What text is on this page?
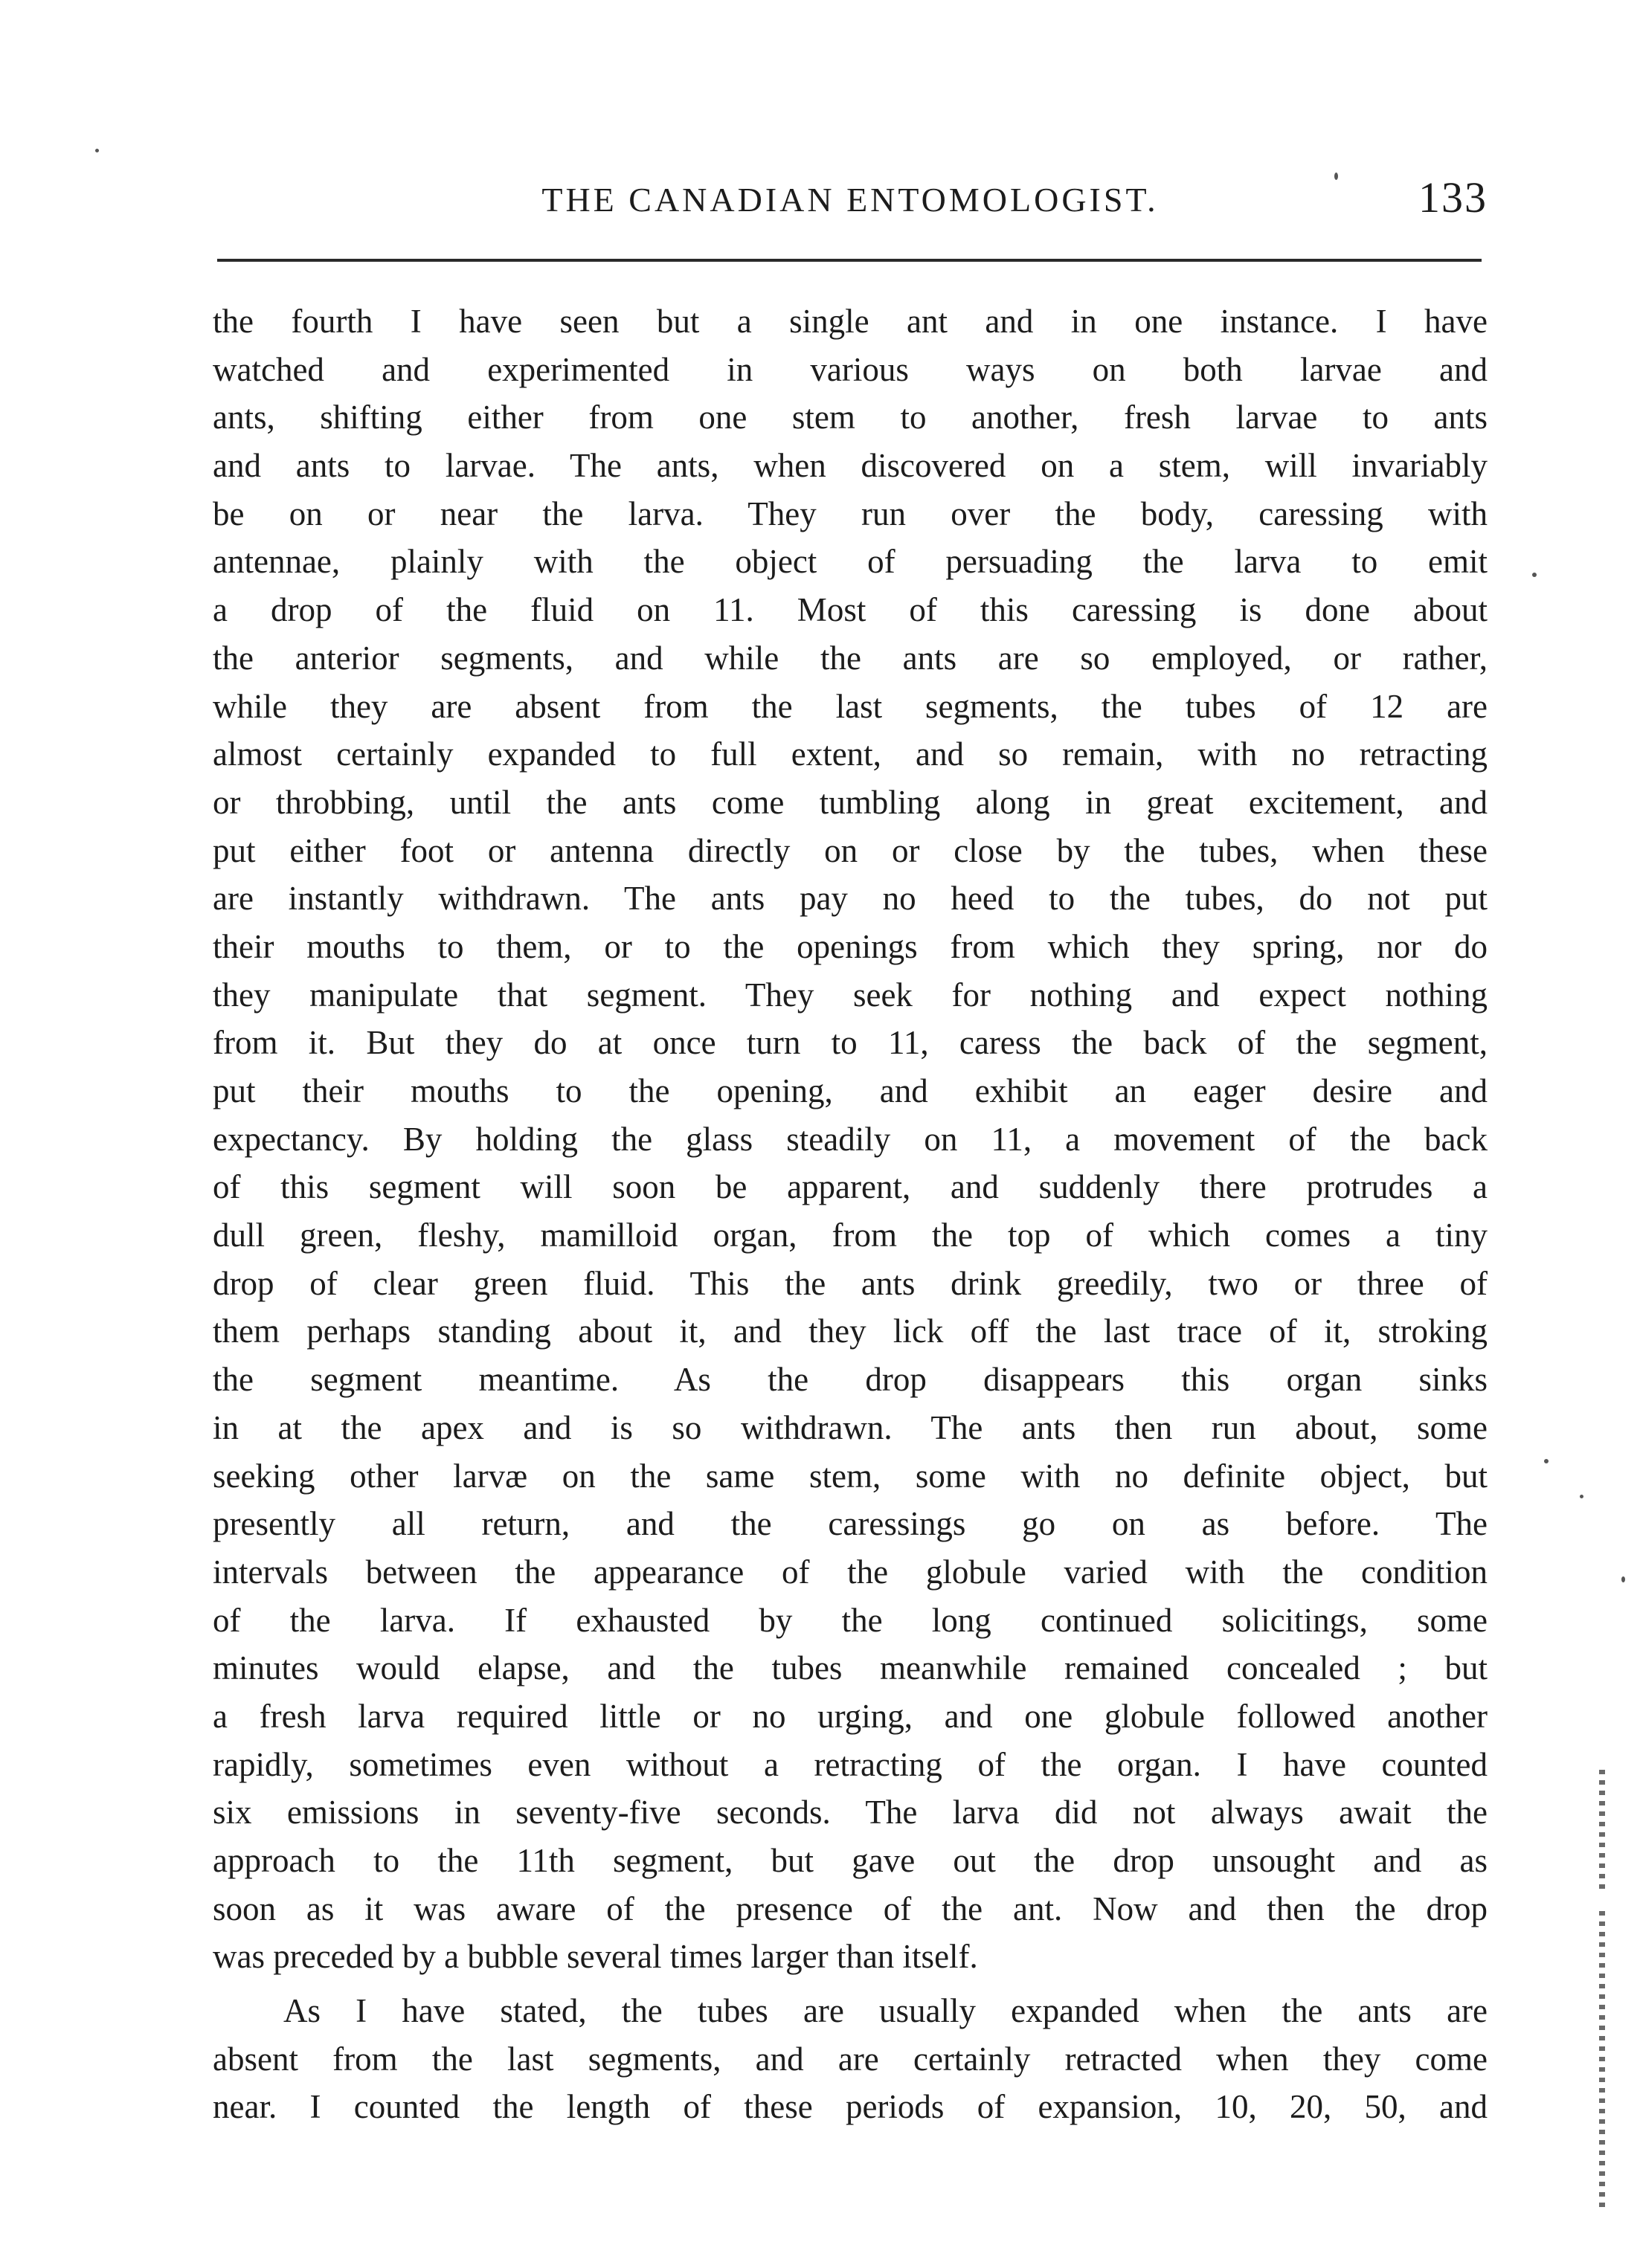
THE CANADIAN ENTOMOLOGIST.	133
the fourth I have seen but a single ant and in one instance. I have
watched and experimented in various ways on both larvae and
ants, shifting either from one stem to another, fresh larvae to ants
and ants to larvae. The ants, when discovered on a stem, will invariably
be on or near the larva. They run over the body, caressing with
antennae, plainly with the object of persuading the larva to emit
a drop of the fluid on 11. Most of this caressing is done about
the anterior segments, and while the ants are so employed, or rather,
while they are absent from the last segments, the tubes of 12 are
almost certainly expanded to full extent, and so remain, with no retracting
or throbbing, until the ants come tumbling along in great excitement, and
put either foot or antenna directly on or close by the tubes, when these
are instantly withdrawn. The ants pay no heed to the tubes, do not put
their mouths to them, or to the openings from which they spring, nor do
they manipulate that segment. They seek for nothing and expect nothing
from it. But they do at once turn to 11, caress the back of the segment,
put their mouths to the opening, and exhibit an eager desire and
expectancy. By holding the glass steadily on 11, a movement of the back
of this segment will soon be apparent, and suddenly there protrudes a
dull green, fleshy, mamilloid organ, from the top of which comes a tiny
drop of clear green fluid. This the ants drink greedily, two or three of
them perhaps standing about it, and they lick off the last trace of it, stroking
the segment meantime. As the drop disappears this organ sinks
in at the apex and is so withdrawn. The ants then run about, some
seeking other larvæ on the same stem, some with no definite object, but
presently all return, and the caressings go on as before. The
intervals between the appearance of the globule varied with the condition
of the larva. If exhausted by the long continued solicitings, some
minutes would elapse, and the tubes meanwhile remained concealed ; but
a fresh larva required little or no urging, and one globule followed another
rapidly, sometimes even without a retracting of the organ. I have counted
six emissions in seventy-five seconds. The larva did not always await the
approach to the 11th segment, but gave out the drop unsought and as
soon as it was aware of the presence of the ant. Now and then the drop
was preceded by a bubble several times larger than itself.
As I have stated, the tubes are usually expanded when the ants are
absent from the last segments, and are certainly retracted when they come
near. I counted the length of these periods of expansion, 10, 20, 50, and
